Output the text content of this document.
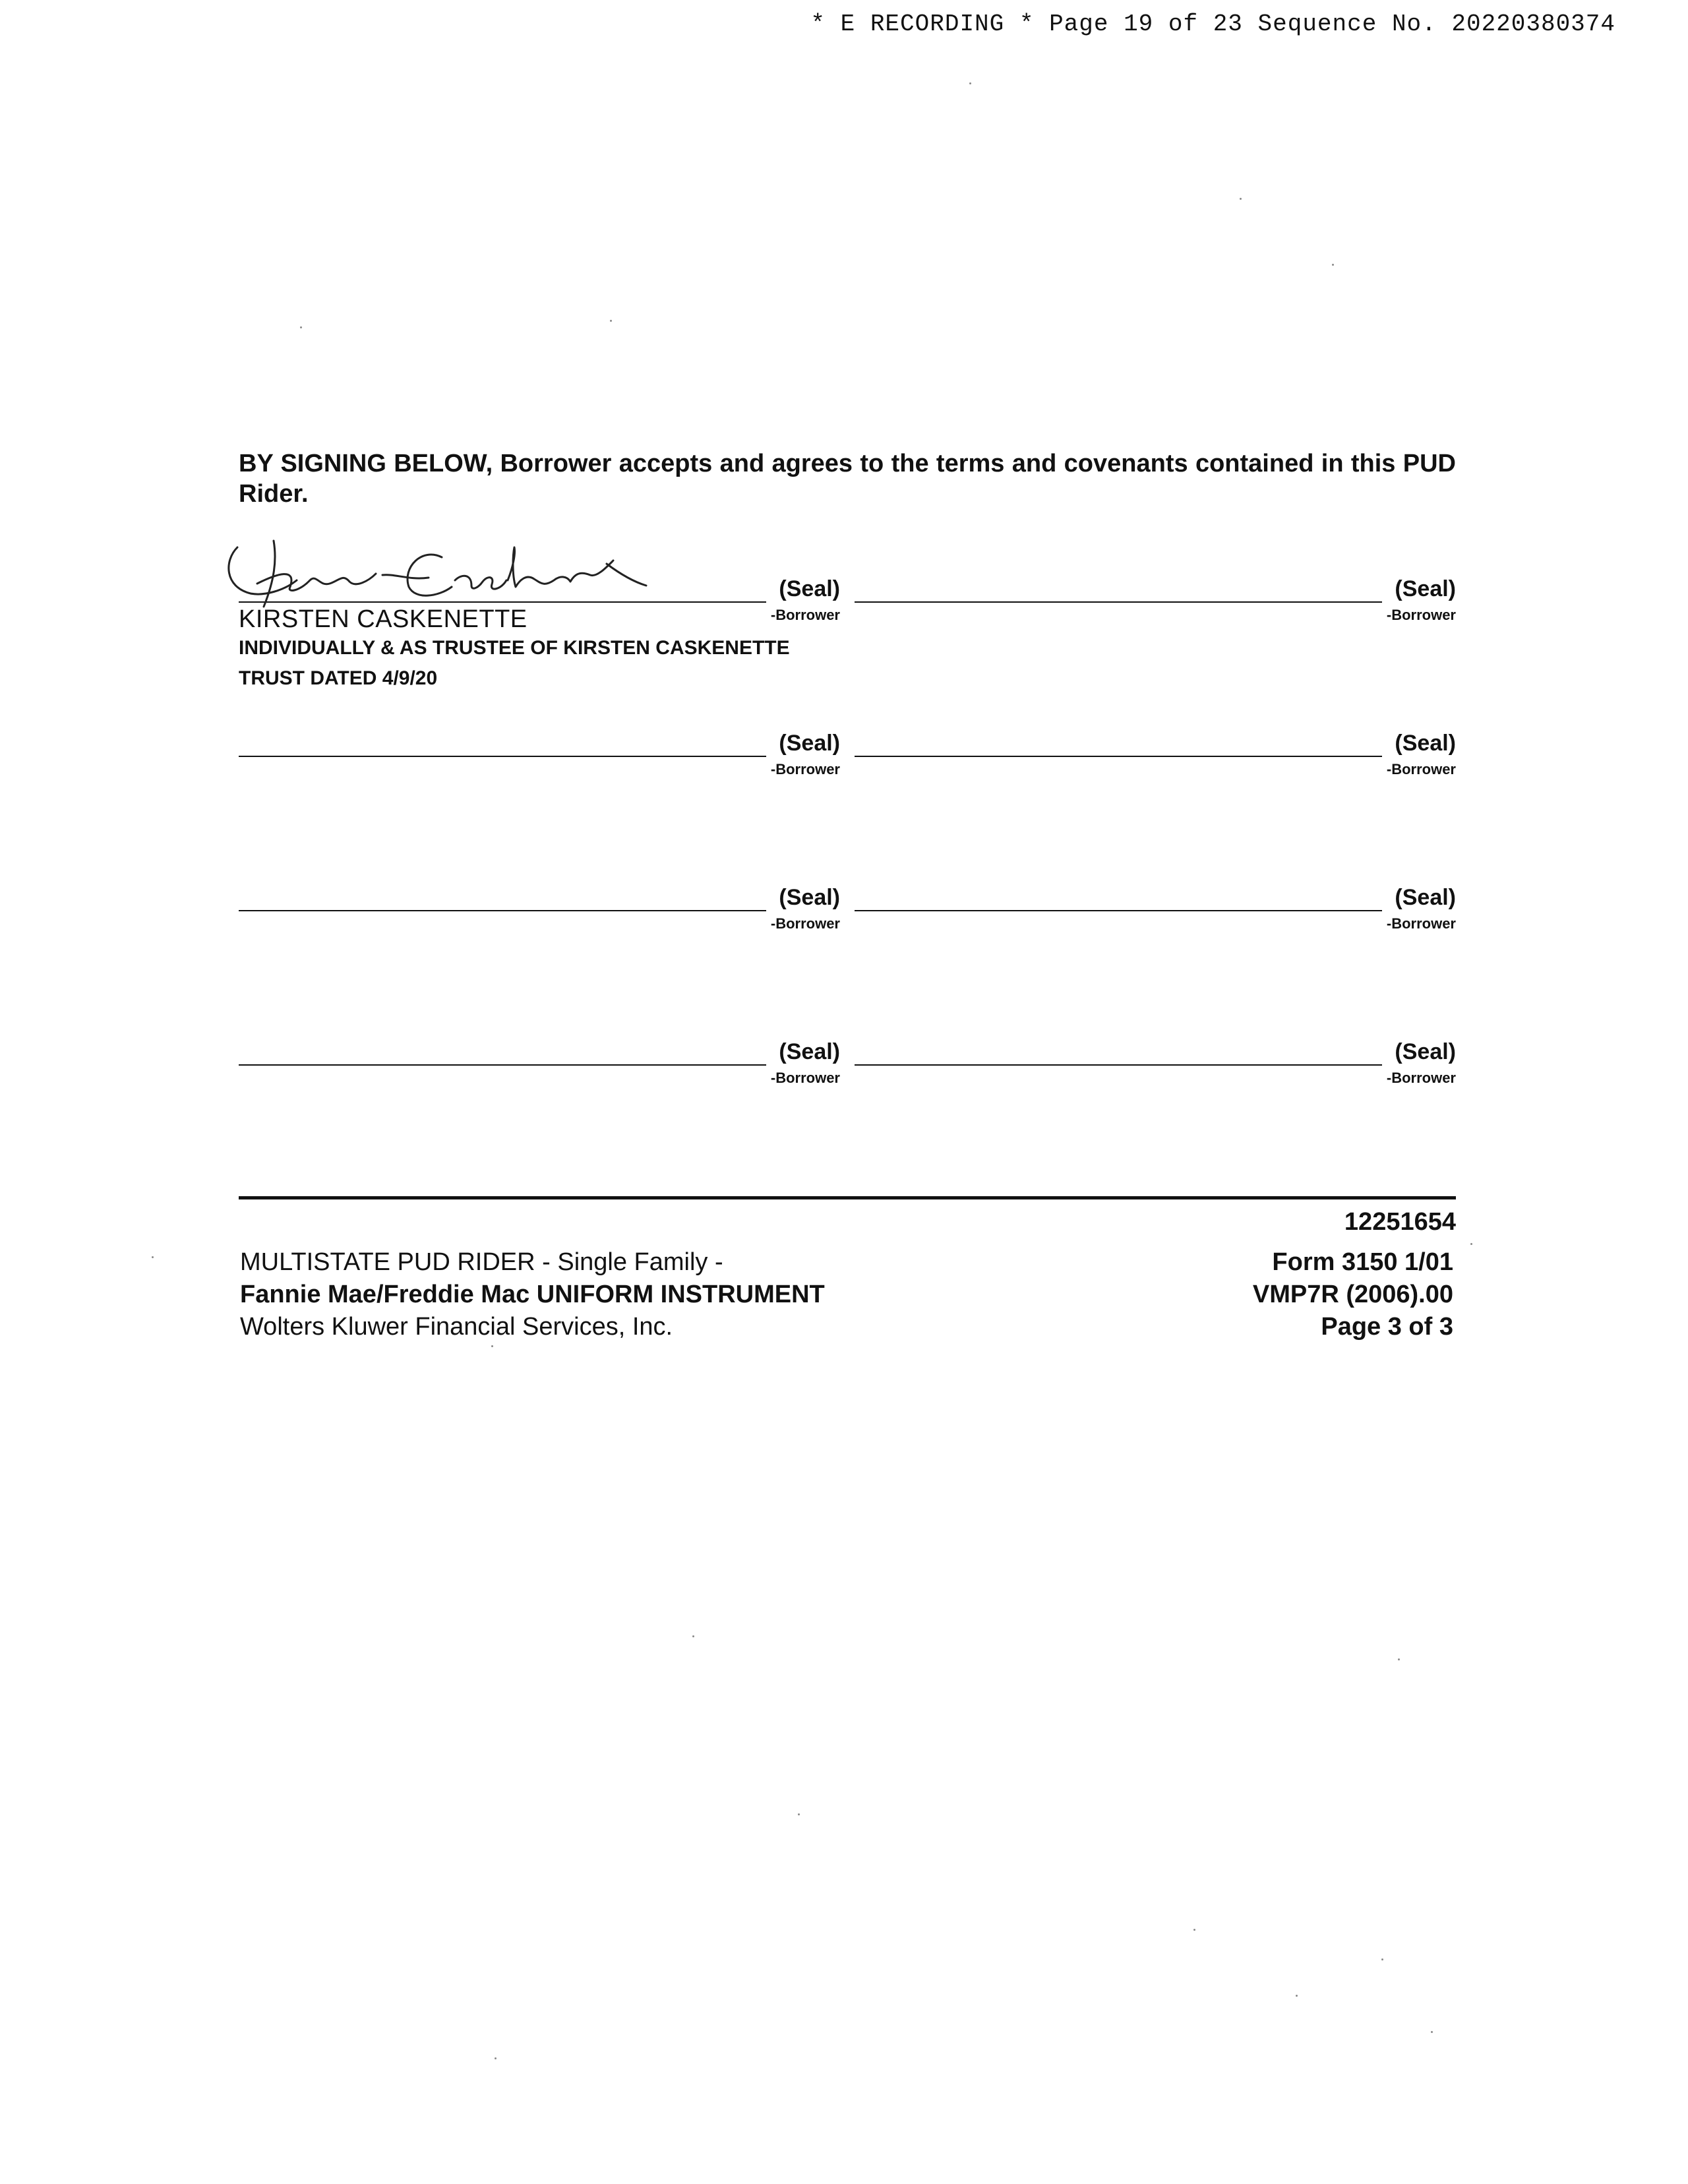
* E RECORDING * Page 19 of 23 Sequence No. 20220380374
BY SIGNING BELOW, Borrower accepts and agrees to the terms and covenants contained in this PUD Rider.
(Seal)
-Borrower
(Seal)
-Borrower
KIRSTEN CASKENETTE
INDIVIDUALLY & AS TRUSTEE OF KIRSTEN CASKENETTE
TRUST DATED 4/9/20
(Seal)
-Borrower
(Seal)
-Borrower
(Seal)
-Borrower
(Seal)
-Borrower
(Seal)
-Borrower
(Seal)
-Borrower
12251654
MULTISTATE PUD RIDER - Single Family -
Fannie Mae/Freddie Mac UNIFORM INSTRUMENT
Wolters Kluwer Financial Services, Inc.
Form 3150 1/01
VMP7R (2006).00
Page 3 of 3
